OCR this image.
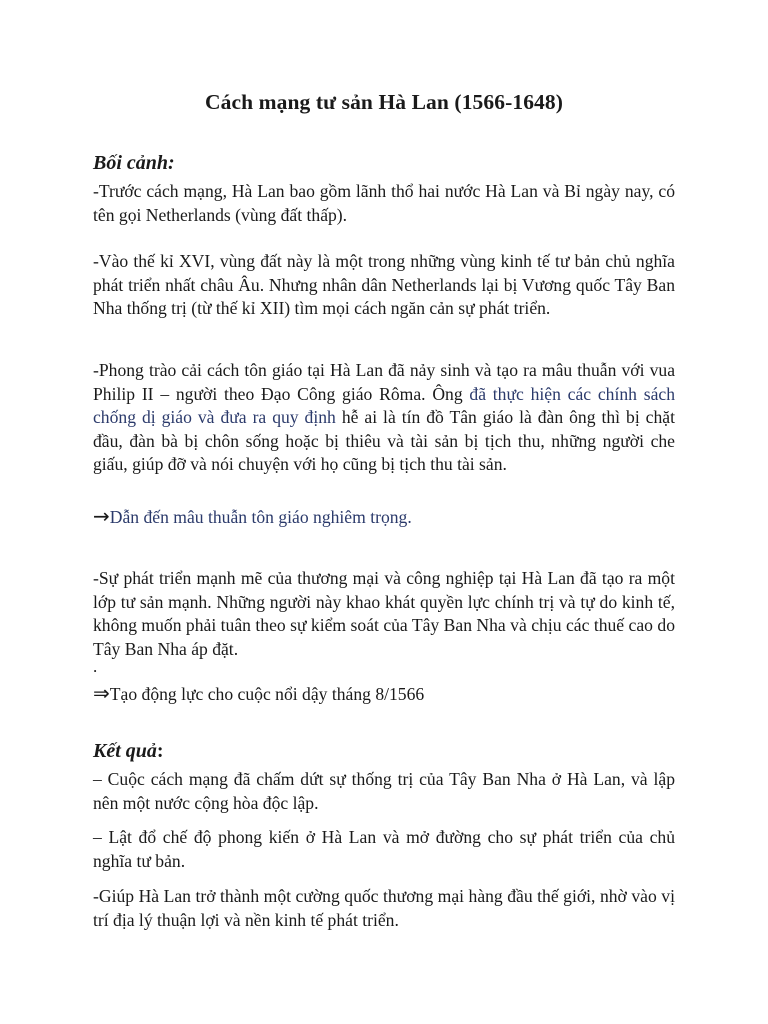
Cách mạng tư sản Hà Lan (1566-1648)
Bối cảnh:
-Trước cách mạng, Hà Lan bao gồm lãnh thổ hai nước Hà Lan và Bỉ ngày nay, có tên gọi Netherlands (vùng đất thấp).
-Vào thế kỉ XVI, vùng đất này là một trong những vùng kinh tế tư bản chủ nghĩa phát triển nhất châu Âu. Nhưng nhân dân Netherlands lại bị Vương quốc Tây Ban Nha thống trị (từ thế kỉ XII) tìm mọi cách ngăn cản sự phát triển.
-Phong trào cải cách tôn giáo tại Hà Lan đã nảy sinh và tạo ra mâu thuẫn với vua Philip II – người theo Đạo Công giáo Rôma. Ông đã thực hiện các chính sách chống dị giáo và đưa ra quy định hễ ai là tín đồ Tân giáo là đàn ông thì bị chặt đầu, đàn bà bị chôn sống hoặc bị thiêu và tài sản bị tịch thu, những người che giấu, giúp đỡ và nói chuyện với họ cũng bị tịch thu tài sản.
→Dẫn đến mâu thuẫn tôn giáo nghiêm trọng.
-Sự phát triển mạnh mẽ của thương mại và công nghiệp tại Hà Lan đã tạo ra một lớp tư sản mạnh. Những người này khao khát quyền lực chính trị và tự do kinh tế, không muốn phải tuân theo sự kiểm soát của Tây Ban Nha và chịu các thuế cao do Tây Ban Nha áp đặt.
.
⇒Tạo động lực cho cuộc nổi dậy tháng 8/1566
Kết quả:
– Cuộc cách mạng đã chấm dứt sự thống trị của Tây Ban Nha ở Hà Lan, và lập nên một nước cộng hòa độc lập.
– Lật đổ chế độ phong kiến ở Hà Lan và mở đường cho sự phát triển của chủ nghĩa tư bản.
-Giúp Hà Lan trở thành một cường quốc thương mại hàng đầu thế giới, nhờ vào vị trí địa lý thuận lợi và nền kinh tế phát triển.
